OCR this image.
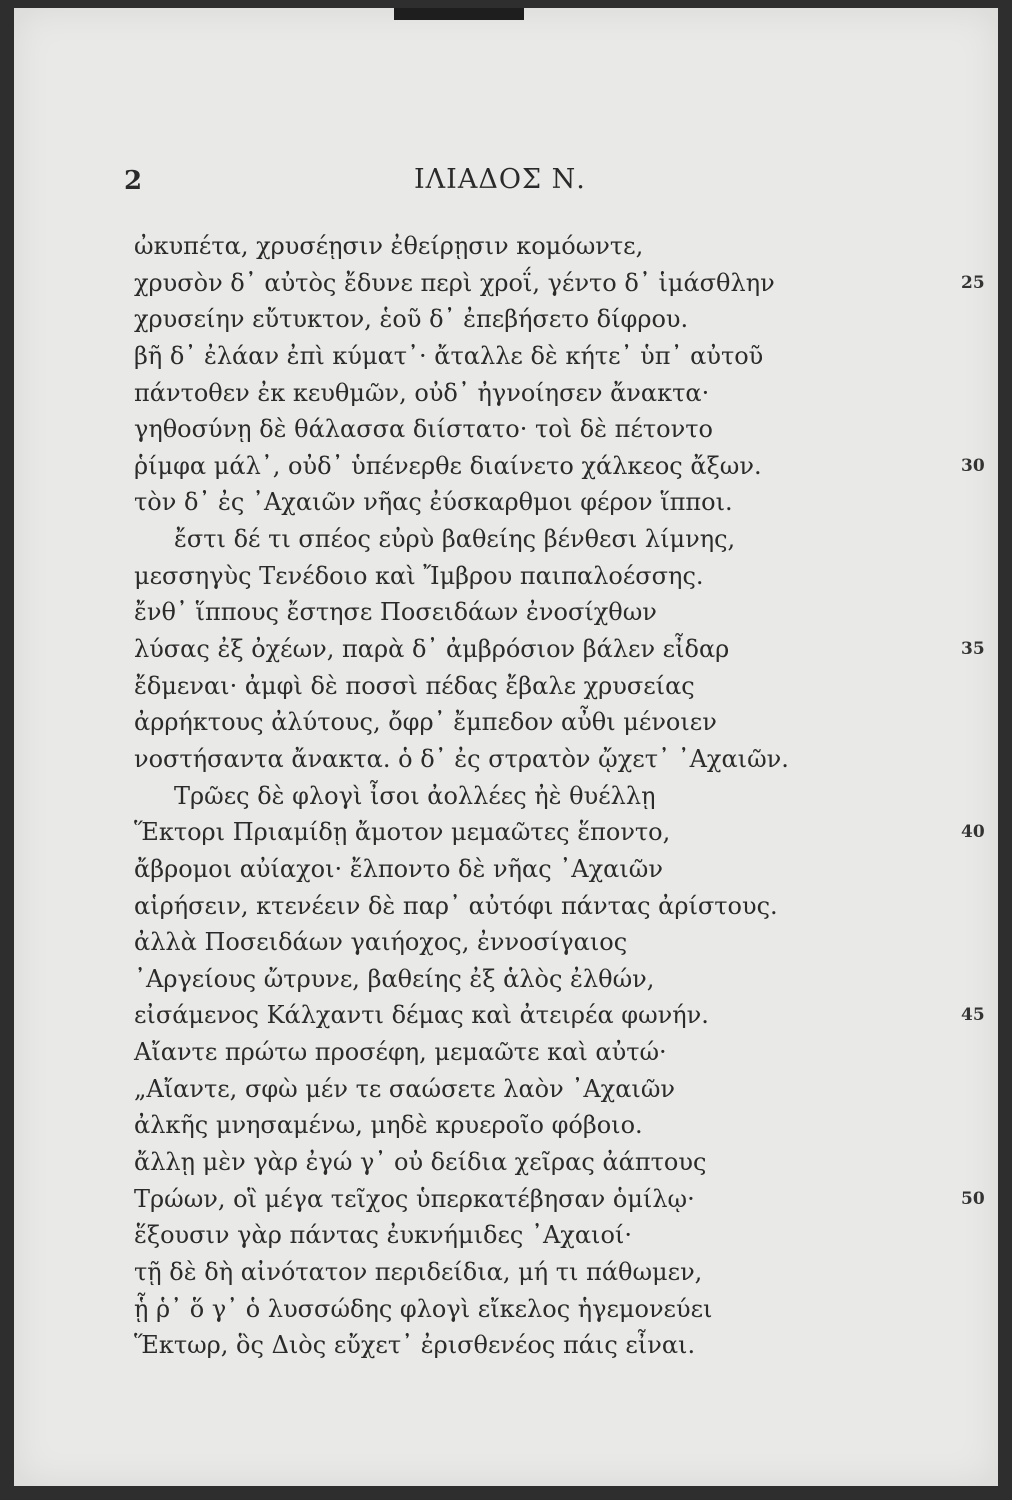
2	ΙΛΙΑΔΟΣ Ν.
ὠκυπέτα, χρυσέῃσιν ἐθείρῃσιν κομόωντε,
χρυσὸν δ᾽ αὐτὸς ἔδυνε περὶ χροΐ, γέντο δ᾽ ἱμάσθλην	25
χρυσείην εὔτυκτον, ἑοῦ δ᾽ ἐπεβήσετο δίφρου.
βῆ δ᾽ ἐλάαν ἐπὶ κύματ᾽· ἄταλλε δὲ κήτε᾽ ὑπ᾽ αὐτοῦ
πάντοθεν ἐκ κευθμῶν, οὐδ᾽ ἠγνοίησεν ἄνακτα·
γηθοσύνῃ δὲ θάλασσα διίστατο· τοὶ δὲ πέτοντο
ῥίμφα μάλ᾽, οὐδ᾽ ὑπένερθε διαίνετο χάλκεος ἄξων.	30
τὸν δ᾽ ἐς ᾽Αχαιῶν νῆας ἐύσκαρθμοι φέρον ἵπποι.
ἔστι δέ τι σπέος εὐρὺ βαθείης βένθεσι λίμνης,
μεσσηγὺς Τενέδοιο καὶ Ἴμβρου παιπαλοέσσης.
ἔνθ᾽ ἵππους ἔστησε Ποσειδάων ἐνοσίχθων
λύσας ἐξ ὀχέων, παρὰ δ᾽ ἀμβρόσιον βάλεν εἶδαρ	35
ἔδμεναι· ἀμφὶ δὲ ποσσὶ πέδας ἔβαλε χρυσείας
ἀρρήκτους ἀλύτους, ὄφρ᾽ ἔμπεδον αὖθι μένοιεν
νοστήσαντα ἄνακτα. ὁ δ᾽ ἐς στρατὸν ᾤχετ᾽ ᾽Αχαιῶν.
Τρῶες δὲ φλογὶ ἶσοι ἀολλέες ἠὲ θυέλλῃ
Ἕκτορι Πριαμίδῃ ἄμοτον μεμαῶτες ἕποντο,	40
ἄβρομοι αὐίαχοι· ἔλποντο δὲ νῆας ᾽Αχαιῶν
αἱρήσειν, κτενέειν δὲ παρ᾽ αὐτόφι πάντας ἀρίστους.
ἀλλὰ Ποσειδάων γαιήοχος, ἐννοσίγαιος
᾽Αργείους ὤτρυνε, βαθείης ἐξ ἁλὸς ἐλθών,
εἰσάμενος Κάλχαντι δέμας καὶ ἀτειρέα φωνήν.	45
Αἴαντε πρώτω προσέφη, μεμαῶτε καὶ αὐτώ·
„Αἴαντε, σφὼ μέν τε σαώσετε λαὸν ᾽Αχαιῶν
ἀλκῆς μνησαμένω, μηδὲ κρυεροῖο φόβοιο.
ἄλλῃ μὲν γὰρ ἐγώ γ᾽ οὐ δείδια χεῖρας ἀάπτους
Τρώων, οἳ μέγα τεῖχος ὑπερκατέβησαν ὁμίλῳ·	50
ἕξουσιν γὰρ πάντας ἐυκνήμιδες ᾽Αχαιοί·
τῇ δὲ δὴ αἰνότατον περιδείδια, μή τι πάθωμεν,
ᾗ ῥ᾽ ὅ γ᾽ ὁ λυσσώδης φλογὶ εἴκελος ἡγεμονεύει
Ἕκτωρ, ὃς Διὸς εὔχετ᾽ ἐρισθενέος πάις εἶναι.
